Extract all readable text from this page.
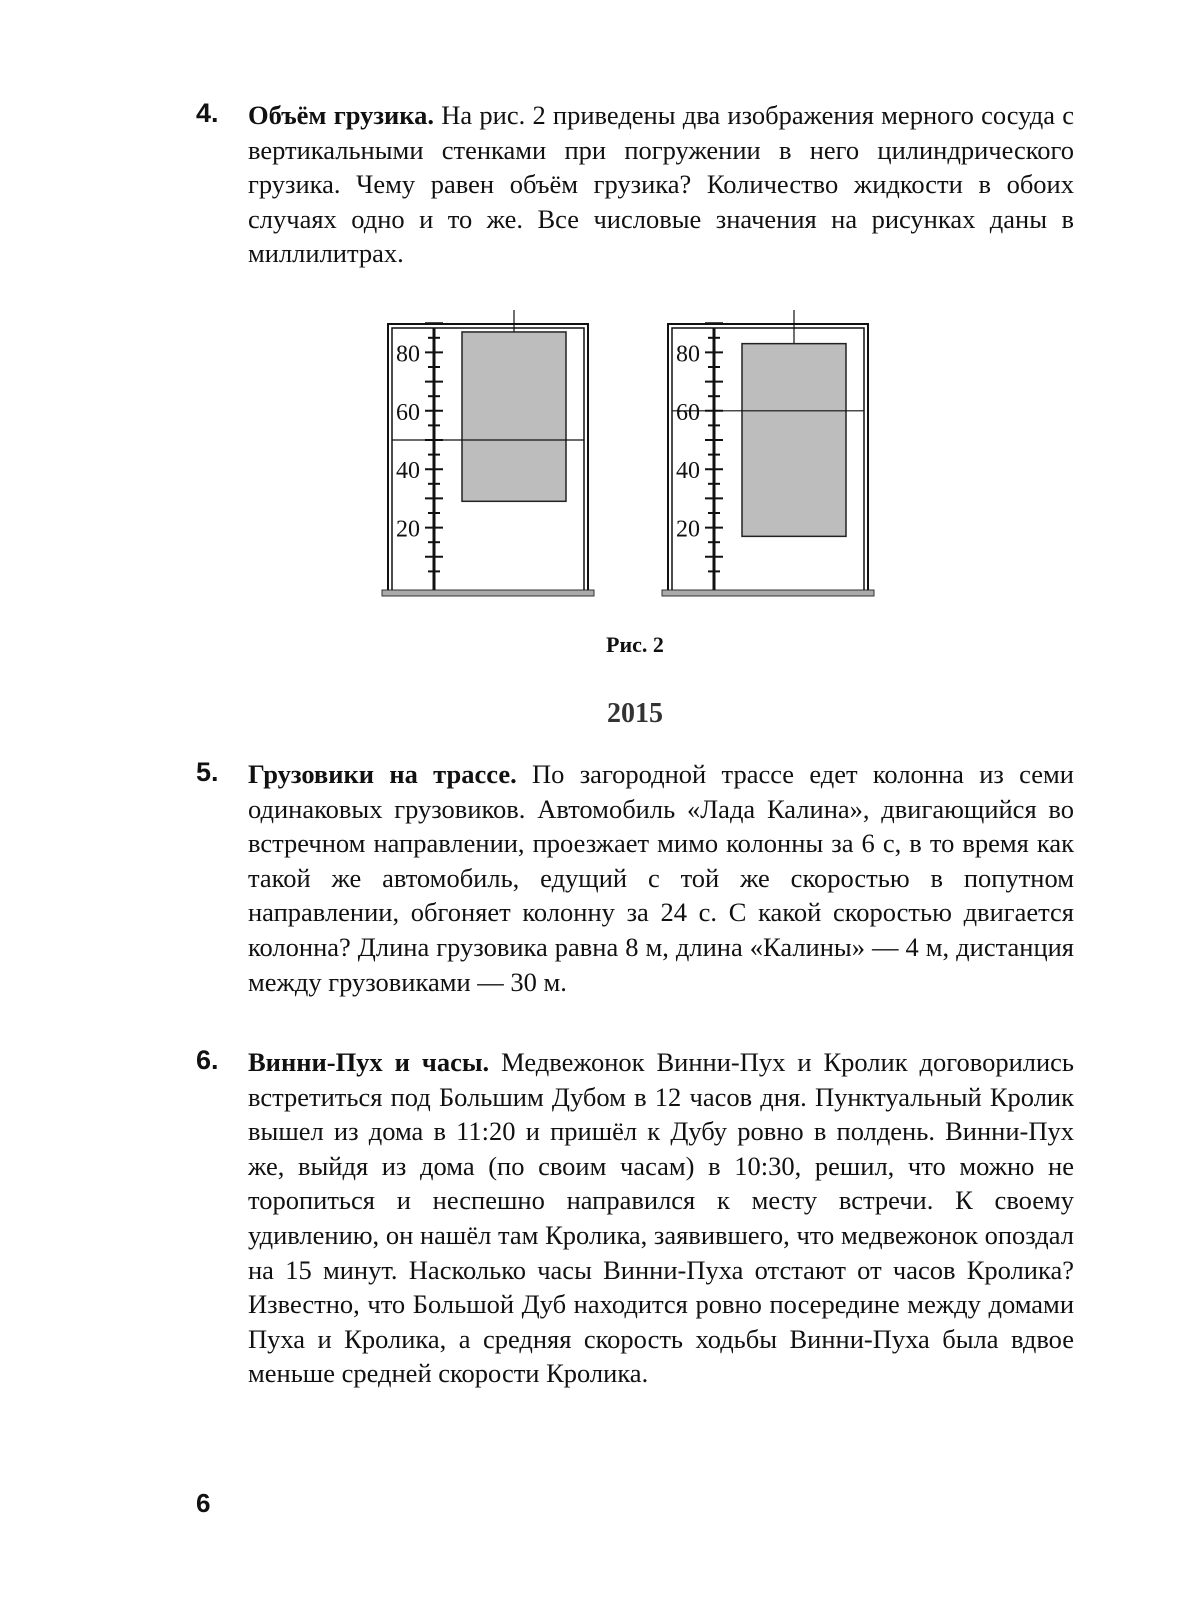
4. Объём грузика. На рис. 2 приведены два изображения мерного сосуда с вертикальными стенками при погружении в него цилиндрического грузика. Чему равен объём грузика? Количество жидкости в обоих случаях одно и то же. Все числовые значения на рисунках даны в миллилитрах.
80
60
40
20
80
60
40
20
Рис. 2
2015
5. Грузовики на трассе. По загородной трассе едет колонна из семи одинаковых грузовиков. Автомобиль «Лада Калина», двигающийся во встречном направлении, проезжает мимо колонны за 6 с, в то время как такой же автомобиль, едущий с той же скоростью в попутном направлении, обгоняет колонну за 24 с. С какой скоростью двигается колонна? Длина грузовика равна 8 м, длина «Калины» — 4 м, дистанция между грузовиками — 30 м.
6. Винни-Пух и часы. Медвежонок Винни-Пух и Кролик договорились встретиться под Большим Дубом в 12 часов дня. Пунктуальный Кролик вышел из дома в 11:20 и пришёл к Дубу ровно в полдень. Винни-Пух же, выйдя из дома (по своим часам) в 10:30, решил, что можно не торопиться и неспешно направился к месту встречи. К своему удивлению, он нашёл там Кролика, заявившего, что медвежонок опоздал на 15 минут. Насколько часы Винни-Пуха отстают от часов Кролика? Известно, что Большой Дуб находится ровно посередине между домами Пуха и Кролика, а средняя скорость ходьбы Винни-Пуха была вдвое меньше средней скорости Кролика.
6
